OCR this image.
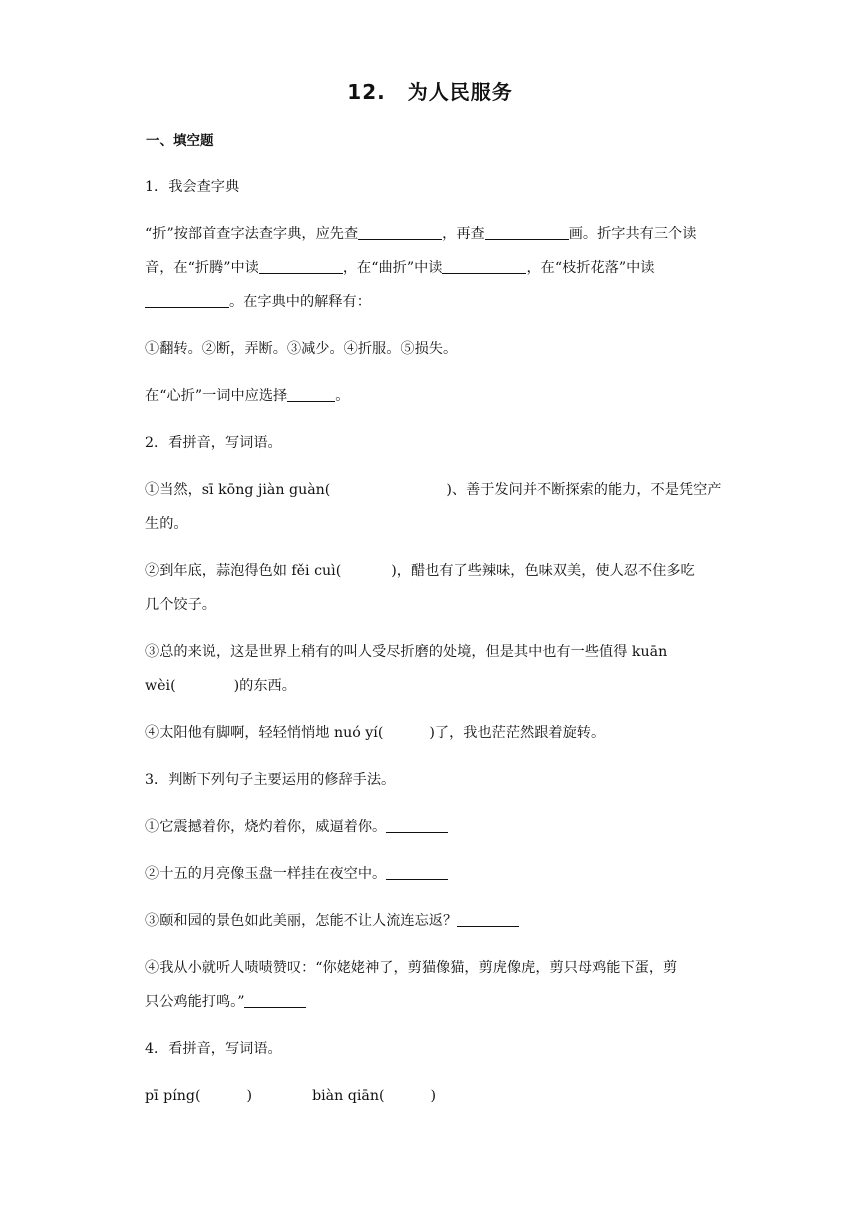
12. 为人民服务
一、填空题

1．我会查字典

“折”按部首查字法查字典，应先查	，再查	画。折字共有三个读
音，在“折腾”中读	，在“曲折”中读	，在“枝折花落”中读
。在字典中的解释有：

①翻转。②断，弄断。③减少。④折服。⑤损失。

在“心折”一词中应选择	。

2．看拼音，写词语。

①当然，sī kōng jiàn guàn(	)、善于发问并不断探索的能力，不是凭空产
生的。

②到年底，蒜泡得色如 fěi cuì(	)，醋也有了些辣味，色味双美，使人忍不住多吃
几个饺子。

③总的来说，这是世界上稍有的叫人受尽折磨的处境，但是其中也有一些值得 kuān
wèi(	)的东西。

④太阳他有脚啊，轻轻悄悄地 nuó yí(	)了，我也茫茫然跟着旋转。

3．判断下列句子主要运用的修辞手法。

①它震撼着你，烧灼着你，威逼着你。

②十五的月亮像玉盘一样挂在夜空中。

③颐和园的景色如此美丽，怎能不让人流连忘返？

④我从小就听人啧啧赞叹：“你姥姥神了，剪猫像猫，剪虎像虎，剪只母鸡能下蛋，剪
只公鸡能打鸣。”

4．看拼音，写词语。

pī píng(	)	biàn qiān(	)
